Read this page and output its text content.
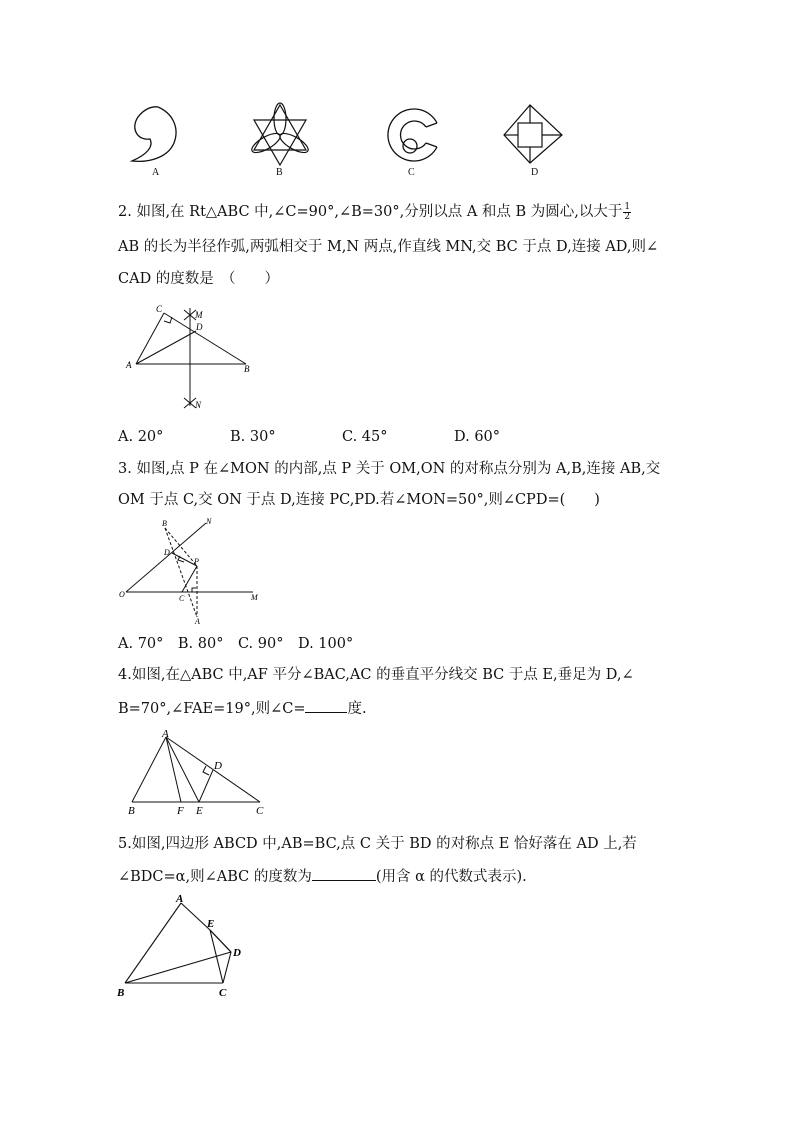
A	B	C	D
2. 如图,在 Rt△ABC 中,∠C=90°,∠B=30°,分别以点 A 和点 B 为圆心,以大于 $\frac{1}{2}$
AB 的长为半径作弧,两弧相交于 M,N 两点,作直线 MN,交 BC 于点 D,连接 AD,则∠
CAD 的度数是　（　　）
C
M
D
A	B
N
A. 20°	B. 30°	C. 45°	D. 60°
3. 如图,点 P 在∠MON 的内部,点 P 关于 OM,ON 的对称点分别为 A,B,连接 AB,交
OM 于点 C,交 ON 于点 D,连接 PC,PD.若∠MON=50°,则∠CPD=(　　)
B	N
D
P
O	C	M
A
A. 70°　B. 80°　C. 90°　D. 100°
4.如图,在△ABC 中,AF 平分∠BAC,AC 的垂直平分线交 BC 于点 E,垂足为 D,∠
B=70°,∠FAE=19°,则∠C=	度.
A
D
B	F E	C
5.如图,四边形 ABCD 中,AB=BC,点 C 关于 BD 的对称点 E 恰好落在 AD 上,若
∠BDC=α,则∠ABC 的度数为	(用含 α 的代数式表示).
A
E
D
B	C
